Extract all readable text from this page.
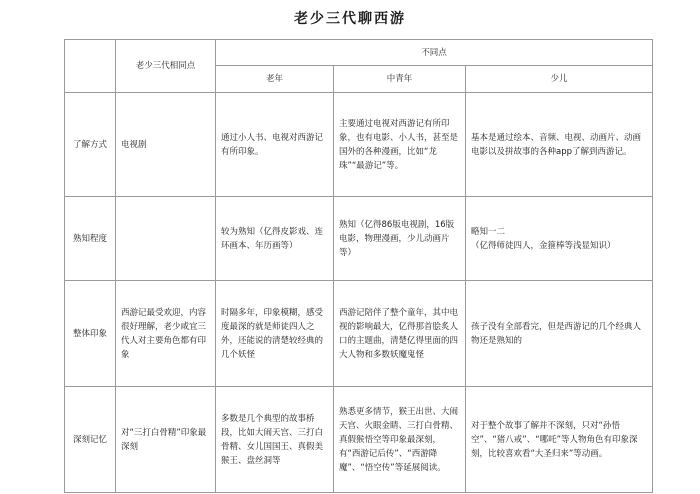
老少三代聊西游
	老少三代相同点	不同点		
		老年	中青年	少儿
了解方式	电视剧	通过小人书、电视对西游记有所印象。	主要通过电视对西游记有所印象，也有电影、小人书，甚至是国外的各种漫画，比如“龙珠”“最游记”等。	基本是通过绘本、音频、电视、动画片、动画电影以及拼故事的各种app了解到西游记。
熟知程度		较为熟知（亿得皮影戏、连环画本、年历画等）	熟知（亿得86版电视剧，16版电影，物理漫画，少儿动画片等）	略知一二
（亿得师徒四人，金箍棒等浅显知识）
整体印象	西游记最受欢迎，内容很好理解，老少咸宜三代人对主要角色都有印象	时隔多年，印象模糊，感受度最深的就是师徒四人之外，还能说的清楚较经典的几个妖怪	西游记陪伴了整个童年，其中电视的影响最大，亿得那首脍炙人口的主题曲，清楚亿得里面的四大人物和多数妖魔鬼怪	孩子没有全部看完，但是西游记的几个经典人物还是熟知的
深刻记忆	对“三打白骨精”印象最深刻	多数是几个典型的故事桥段，比如大闹天宫、三打白骨精、女儿国国王、真假美猴王、盘丝洞等	熟悉更多情节，猴王出世、大闹天宫、火眼金睛、三打白骨精、真假猴悟空等印象最深刻，有“西游记后传”、“西游降魔”、“悟空传”等延展阅读。	对于整个故事了解并不深刻，只对“孙悟空”、“猪八戒”、“哪吒”等人物角色有印象深刻，比较喜欢看“大圣归来”等动画。
